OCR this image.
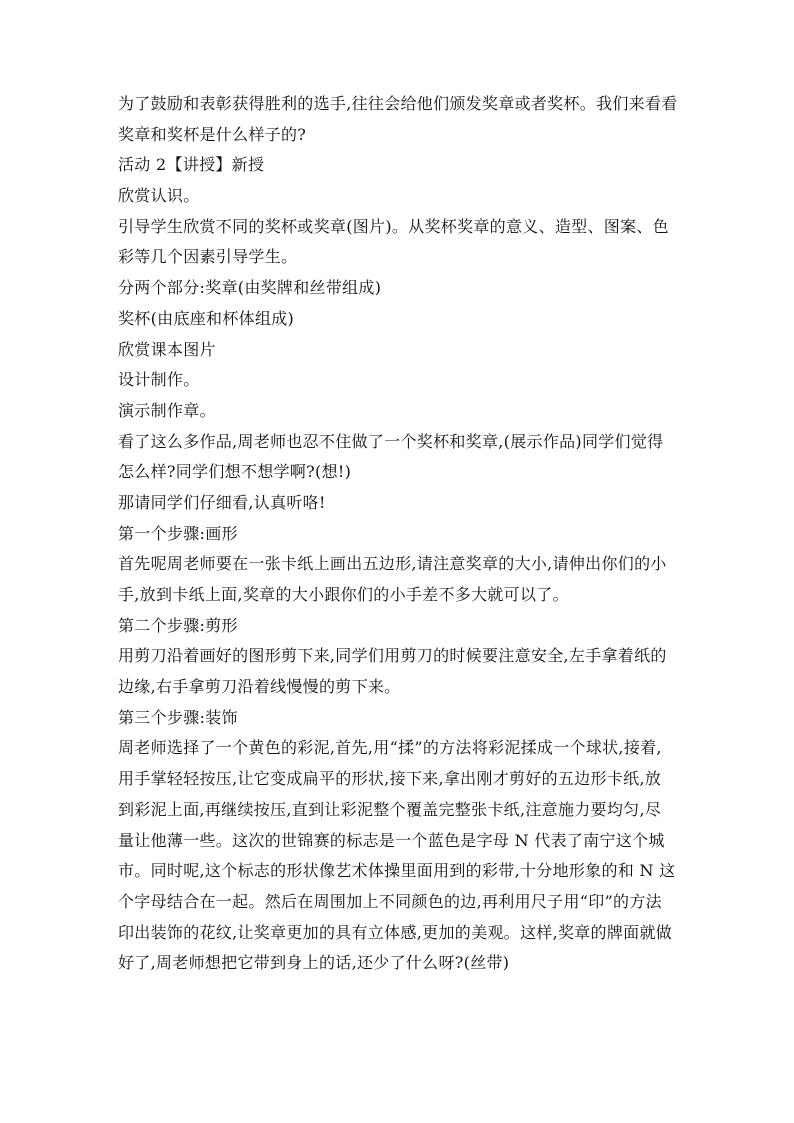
为了鼓励和表彰获得胜利的选手,往往会给他们颁发奖章或者奖杯。我们来看看
奖章和奖杯是什么样子的?
活动 2【讲授】新授
欣赏认识。
引导学生欣赏不同的奖杯或奖章(图片)。从奖杯奖章的意义、造型、图案、色
彩等几个因素引导学生。
分两个部分:奖章(由奖牌和丝带组成)
奖杯(由底座和杯体组成)
欣赏课本图片
设计制作。
演示制作章。
看了这么多作品,周老师也忍不住做了一个奖杯和奖章,(展示作品)同学们觉得
怎么样?同学们想不想学啊?(想!)
那请同学们仔细看,认真听咯!
第一个步骤:画形
首先呢周老师要在一张卡纸上画出五边形,请注意奖章的大小,请伸出你们的小
手,放到卡纸上面,奖章的大小跟你们的小手差不多大就可以了。
第二个步骤:剪形
用剪刀沿着画好的图形剪下来,同学们用剪刀的时候要注意安全,左手拿着纸的
边缘,右手拿剪刀沿着线慢慢的剪下来。
第三个步骤:装饰
周老师选择了一个黄色的彩泥,首先,用“揉”的方法将彩泥揉成一个球状,接着,
用手掌轻轻按压,让它变成扁平的形状,接下来,拿出刚才剪好的五边形卡纸,放
到彩泥上面,再继续按压,直到让彩泥整个覆盖完整张卡纸,注意施力要均匀,尽
量让他薄一些。这次的世锦赛的标志是一个蓝色是字母 N 代表了南宁这个城
市。同时呢,这个标志的形状像艺术体操里面用到的彩带,十分地形象的和 N 这
个字母结合在一起。然后在周围加上不同颜色的边,再利用尺子用“印”的方法
印出装饰的花纹,让奖章更加的具有立体感,更加的美观。这样,奖章的牌面就做
好了,周老师想把它带到身上的话,还少了什么呀?(丝带)
